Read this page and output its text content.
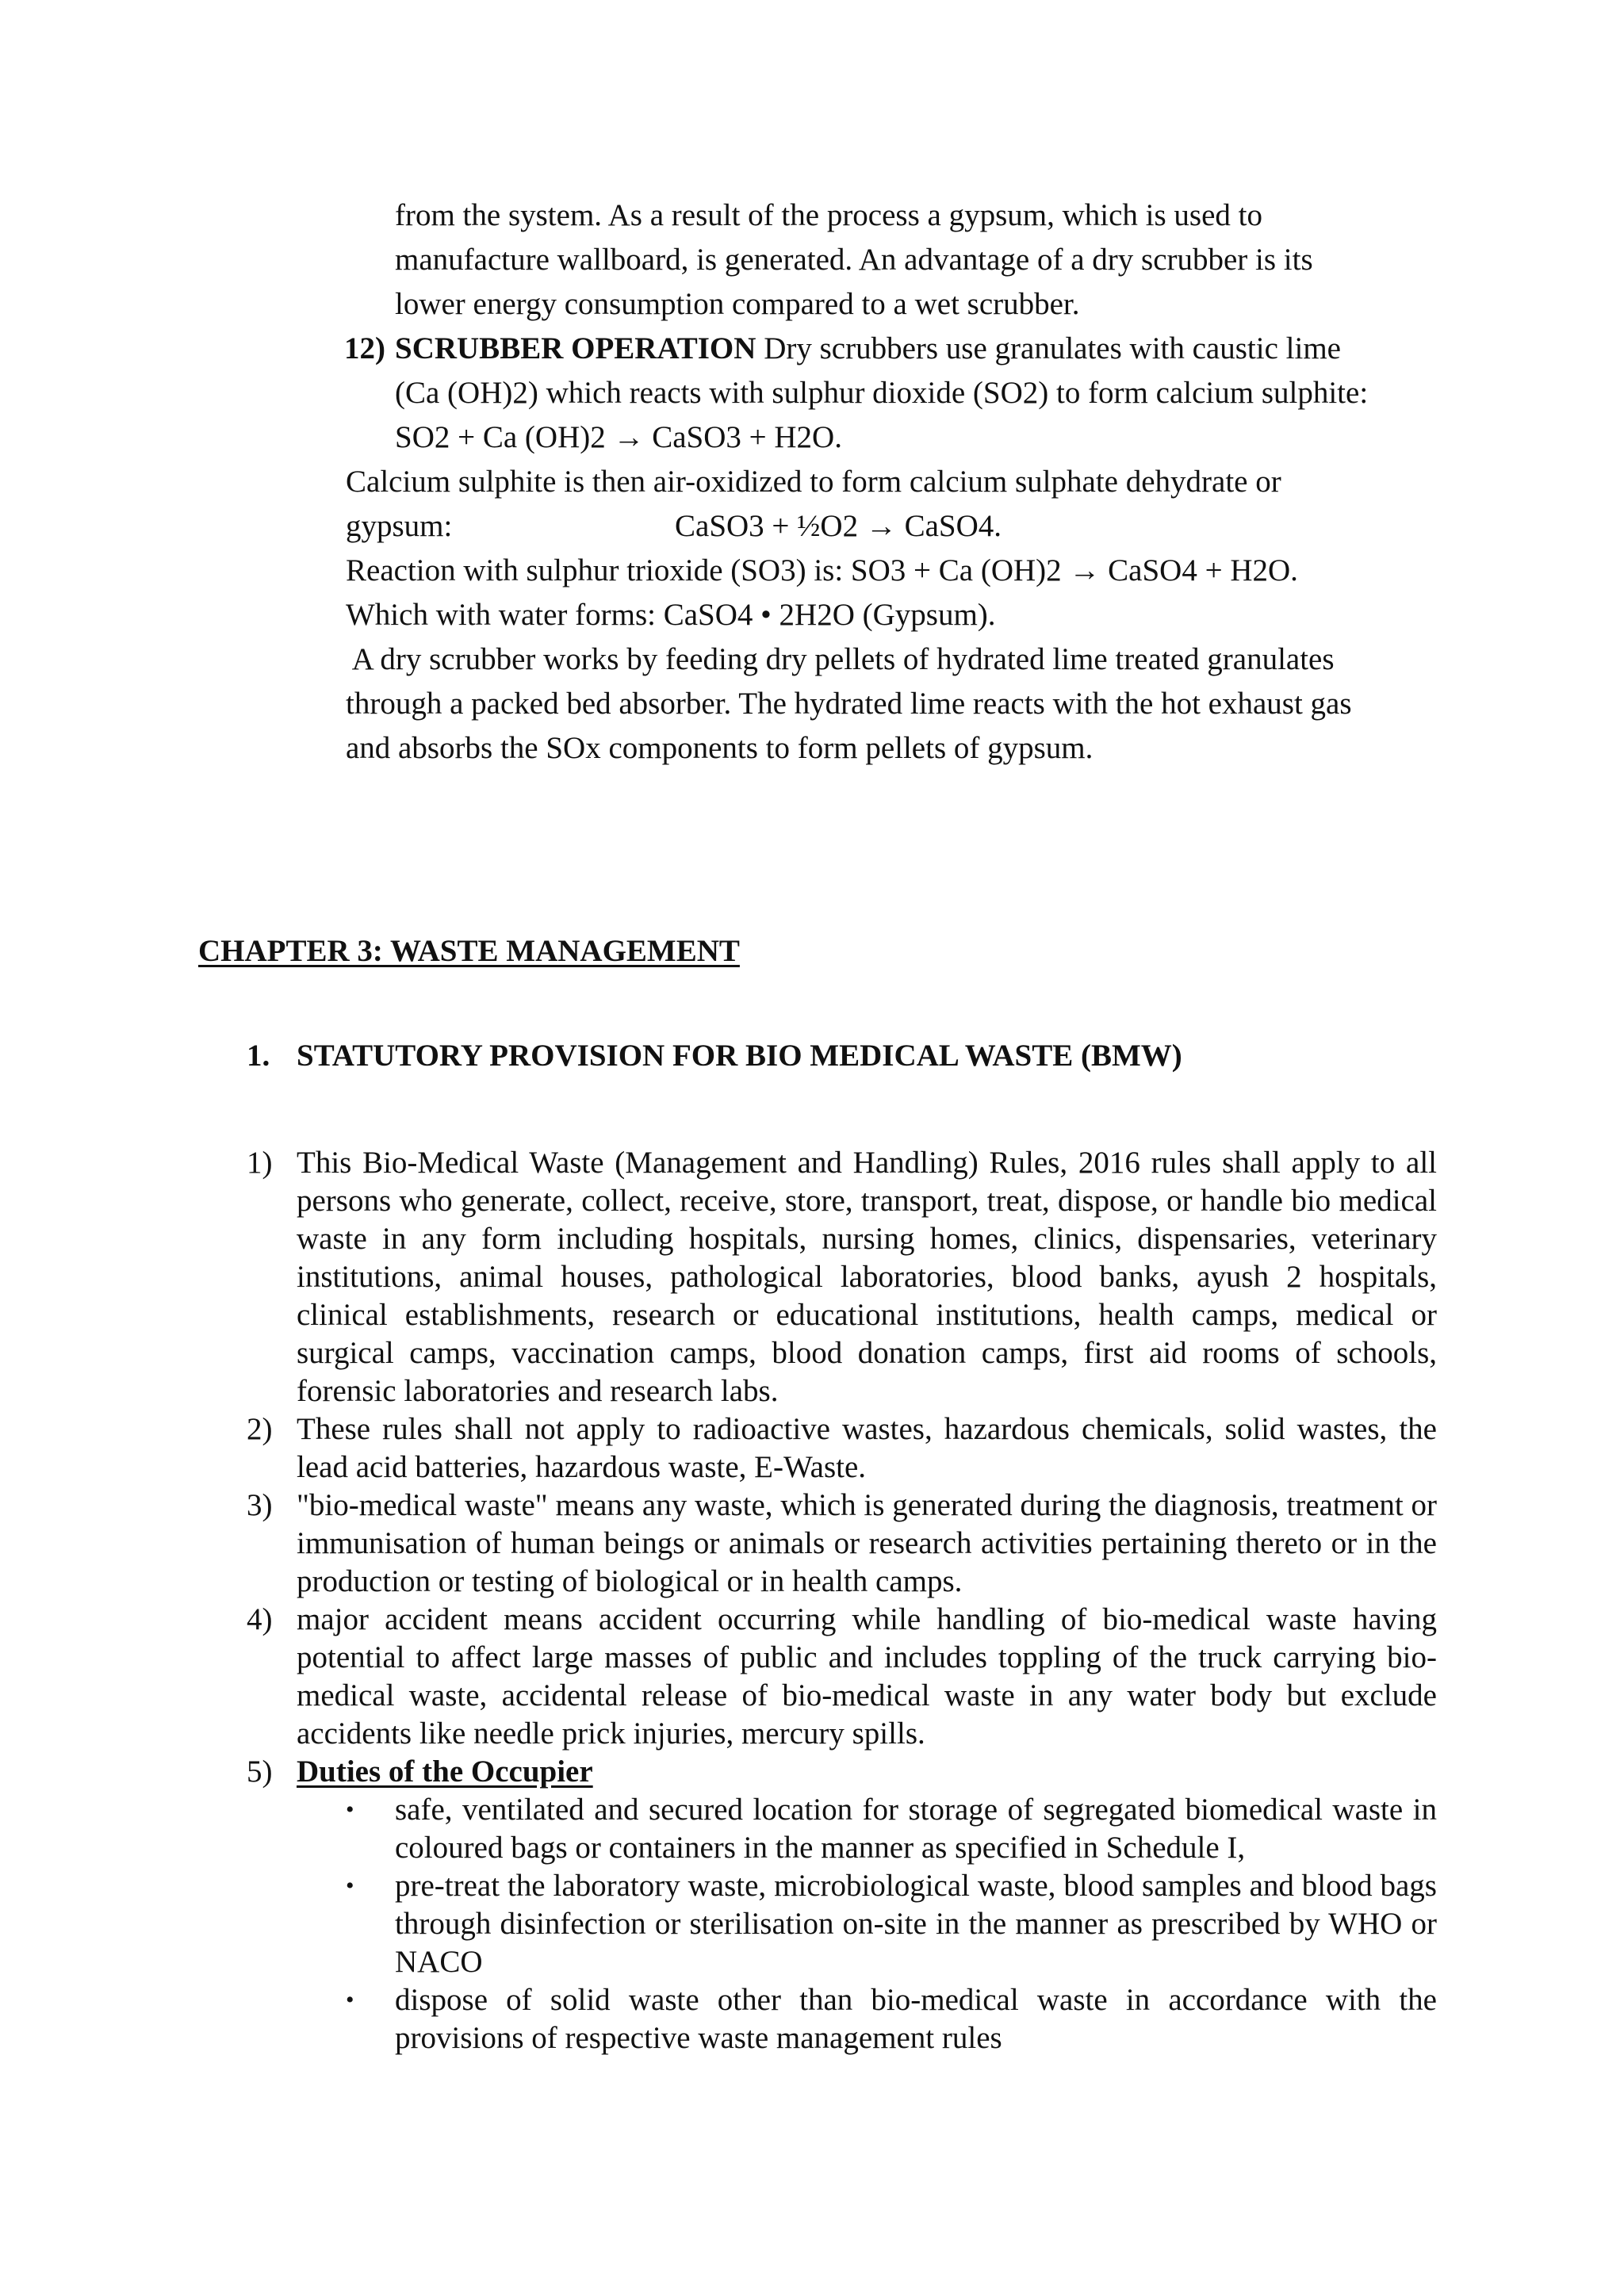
from the system. As a result of the process a gypsum, which is used to
manufacture wallboard, is generated. An advantage of a dry scrubber is its
lower energy consumption compared to a wet scrubber.
12) SCRUBBER OPERATION Dry scrubbers use granulates with caustic lime
(Ca (OH)2) which reacts with sulphur dioxide (SO2) to form calcium sulphite:
SO2 + Ca (OH)2 → CaSO3 + H2O.
Calcium sulphite is then air-oxidized to form calcium sulphate dehydrate or
gypsum:	CaSO3 + ½O2 → CaSO4.
Reaction with sulphur trioxide (SO3) is: SO3 + Ca (OH)2 → CaSO4 + H2O.
Which with water forms: CaSO4 • 2H2O (Gypsum).
A dry scrubber works by feeding dry pellets of hydrated lime treated granulates
through a packed bed absorber. The hydrated lime reacts with the hot exhaust gas
and absorbs the SOx components to form pellets of gypsum.
CHAPTER 3: WASTE MANAGEMENT
1. STATUTORY PROVISION FOR BIO MEDICAL WASTE (BMW)
1) This Bio-Medical Waste (Management and Handling) Rules, 2016 rules shall apply to all persons who generate, collect, receive, store, transport, treat, dispose, or handle bio medical waste in any form including hospitals, nursing homes, clinics, dispensaries, veterinary institutions, animal houses, pathological laboratories, blood banks, ayush 2 hospitals, clinical establishments, research or educational institutions, health camps, medical or surgical camps, vaccination camps, blood donation camps, first aid rooms of schools, forensic laboratories and research labs.
2) These rules shall not apply to radioactive wastes, hazardous chemicals, solid wastes, the lead acid batteries, hazardous waste, E-Waste.
3) "bio-medical waste" means any waste, which is generated during the diagnosis, treatment or immunisation of human beings or animals or research activities pertaining thereto or in the production or testing of biological or in health camps.
4) major accident means accident occurring while handling of bio-medical waste having potential to affect large masses of public and includes toppling of the truck carrying bio-medical waste, accidental release of bio-medical waste in any water body but exclude accidents like needle prick injuries, mercury spills.
5) Duties of the Occupier
• safe, ventilated and secured location for storage of segregated biomedical waste in coloured bags or containers in the manner as specified in Schedule I,
• pre-treat the laboratory waste, microbiological waste, blood samples and blood bags through disinfection or sterilisation on-site in the manner as prescribed by WHO or NACO
• dispose of solid waste other than bio-medical waste in accordance with the provisions of respective waste management rules
